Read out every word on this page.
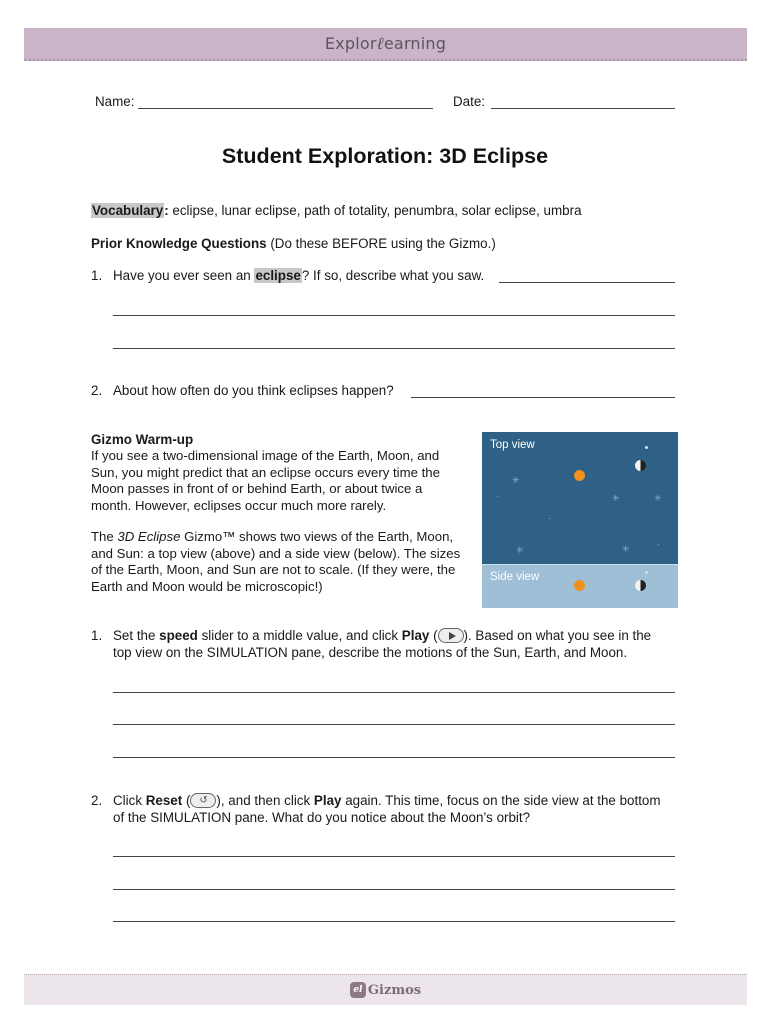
Explorℓearning
Name:	Date:
Student Exploration: 3D Eclipse
Vocabulary: eclipse, lunar eclipse, path of totality, penumbra, solar eclipse, umbra
Prior Knowledge Questions (Do these BEFORE using the Gizmo.)
1. Have you ever seen an eclipse? If so, describe what you saw.
2. About how often do you think eclipses happen?
Gizmo Warm-up
If you see a two-dimensional image of the Earth, Moon, and Sun, you might predict that an eclipse occurs every time the Moon passes in front of or behind Earth, or about twice a month. However, eclipses occur much more rarely.
The 3D Eclipse Gizmo™ shows two views of the Earth, Moon, and Sun: a top view (above) and a side view (below). The sizes of the Earth, Moon, and Sun are not to scale. (If they were, the Earth and Moon would be microscopic!)
Top view
✳
·	✳	✳
·
✳	✳	·
Side view
1. Set the speed slider to a middle value, and click Play ( ). Based on what you see in the
top view on the SIMULATION pane, describe the motions of the Sun, Earth, and Moon.
2. Click Reset ( ↺ ), and then click Play again. This time, focus on the side view at the bottom
of the SIMULATION pane. What do you notice about the Moon’s orbit?
el Gizmos
